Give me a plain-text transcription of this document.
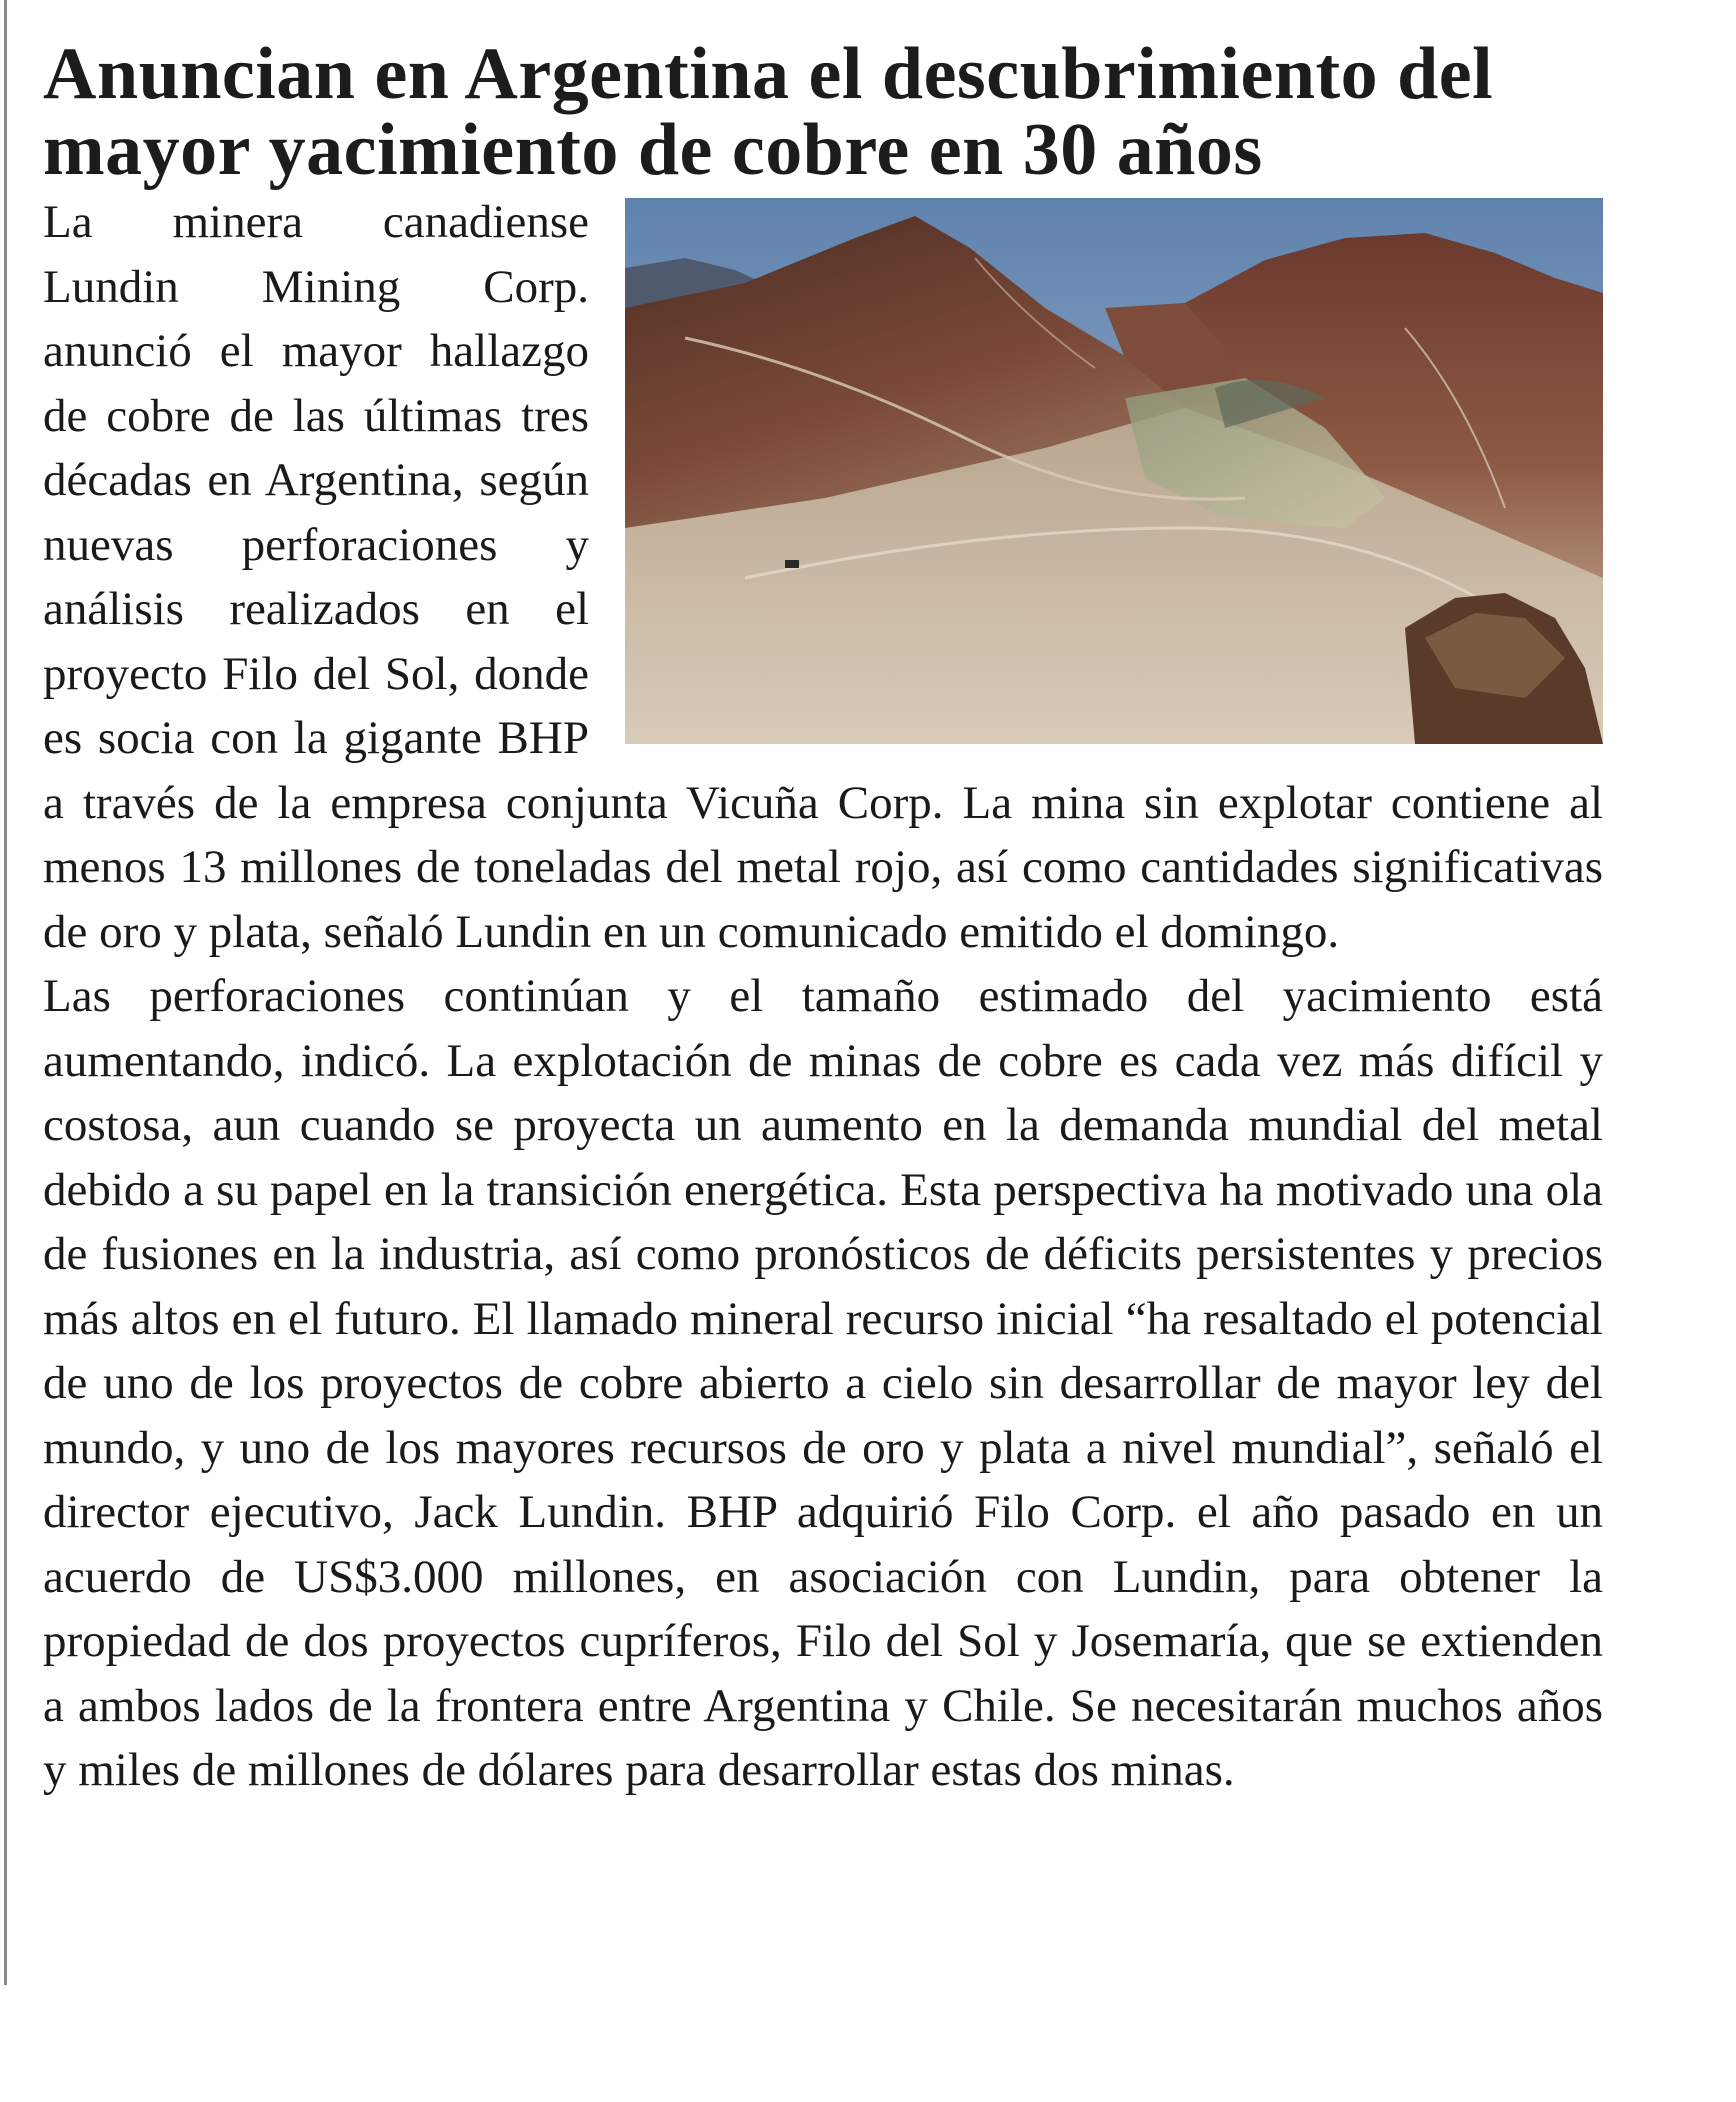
Anuncian en Argentina el descubrimiento del
mayor yacimiento de cobre en 30 años

La minera canadiense Lundin Mining Corp. anunció el mayor hallazgo de cobre de las últimas tres décadas en Argentina, según nuevas perforaciones y análisis realizados en el proyecto Filo del Sol, donde es socia con la gigante BHP a través de la empresa conjunta Vicuña Corp. La mina sin explotar contiene al menos 13 millones de toneladas del metal rojo, así como cantidades significativas de oro y plata, señaló Lundin en un comunicado emitido el domingo.

Las perforaciones continúan y el tamaño estimado del yacimiento está aumentando, indicó. La explotación de minas de cobre es cada vez más difícil y costosa, aun cuando se proyecta un aumento en la demanda mundial del metal debido a su papel en la transición energética. Esta perspectiva ha motivado una ola de fusiones en la industria, así como pronósticos de déficits persistentes y precios más altos en el futuro. El llamado mineral recurso inicial “ha resaltado el potencial de uno de los proyectos de cobre abierto a cielo sin desarrollar de mayor ley del mundo, y uno de los mayores recursos de oro y plata a nivel mundial”, señaló el director ejecutivo, Jack Lundin. BHP adquirió Filo Corp. el año pasado en un acuerdo de US$3.000 millones, en asociación con Lundin, para obtener la propiedad de dos proyectos cupríferos, Filo del Sol y Josemaría, que se extienden a ambos lados de la frontera entre Argentina y Chile. Se necesitarán muchos años y miles de millones de dólares para desarrollar estas dos minas.
